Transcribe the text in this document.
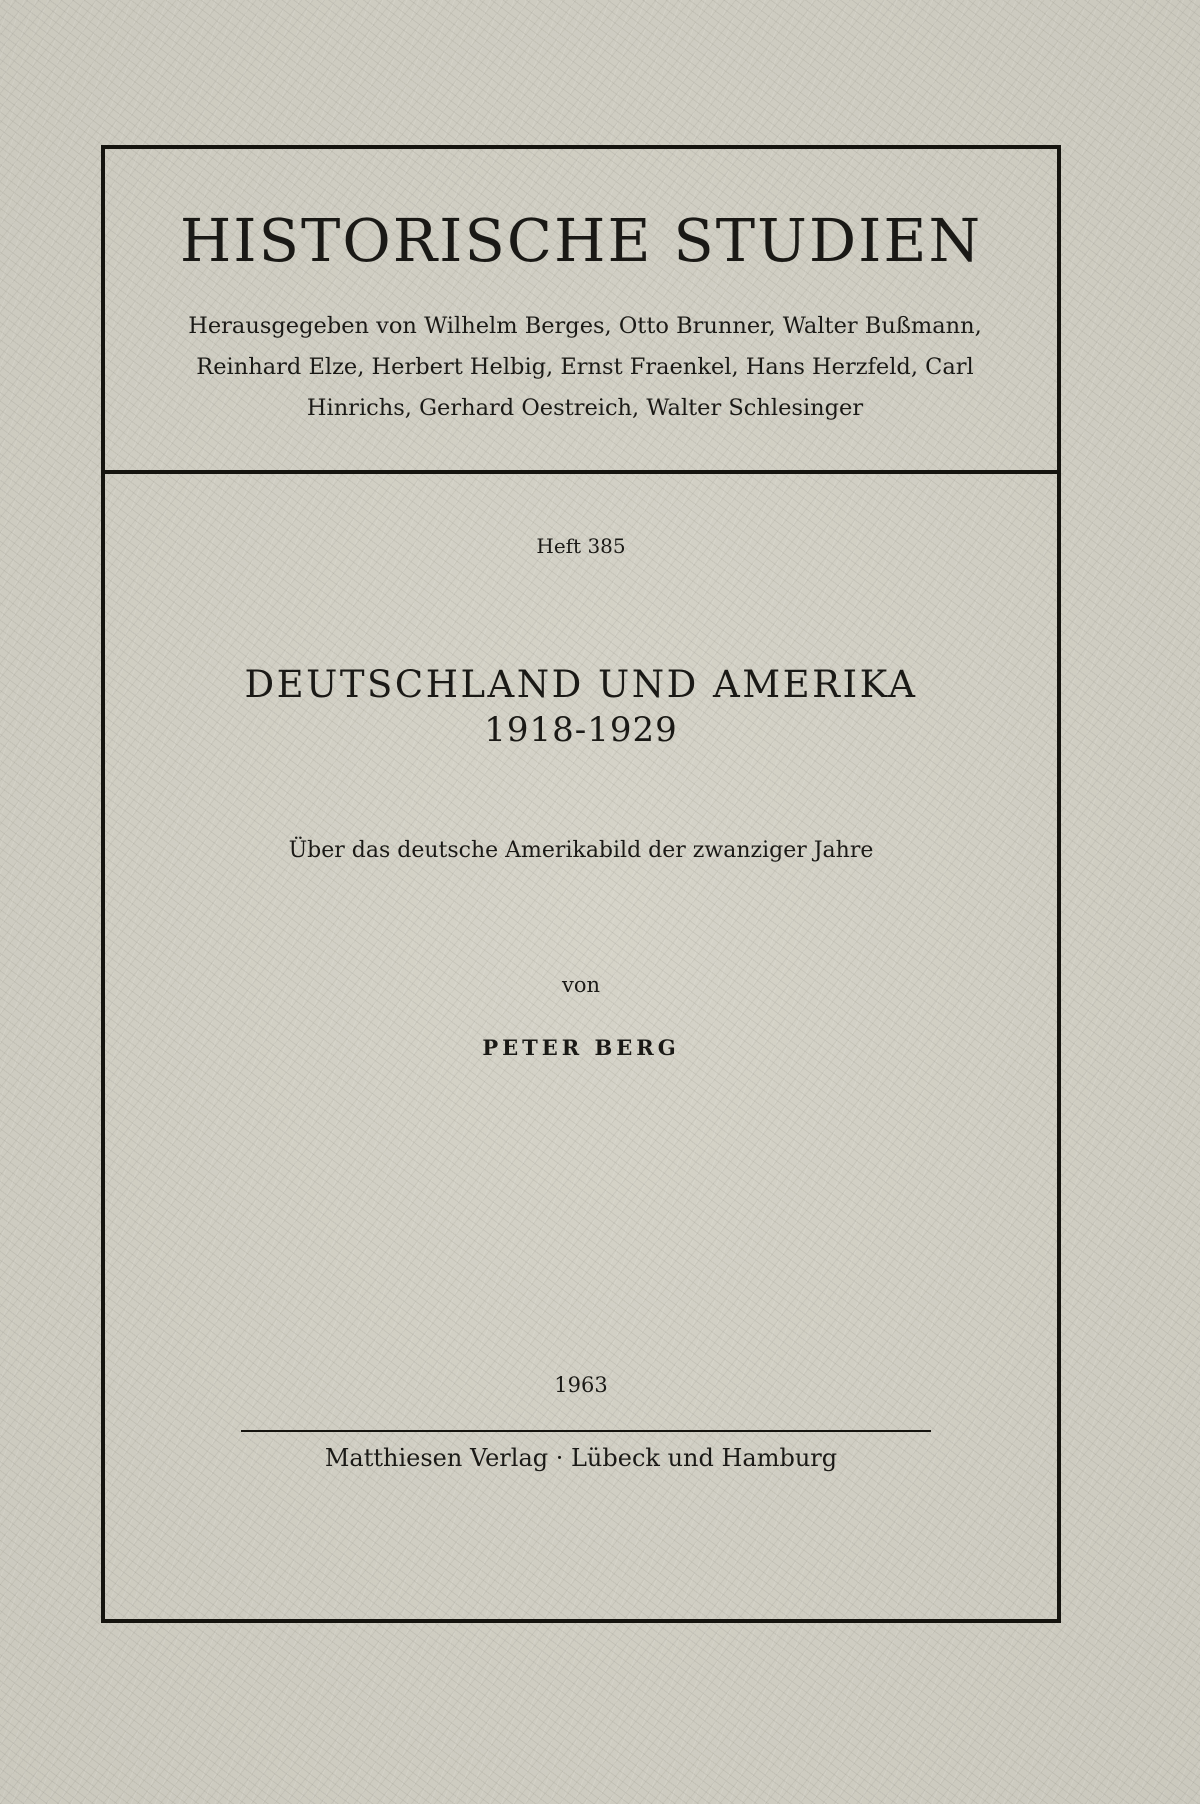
HISTORISCHE STUDIEN
Herausgegeben von Wilhelm Berges, Otto Brunner, Walter Bußmann,
Reinhard Elze, Herbert Helbig, Ernst Fraenkel, Hans Herzfeld, Carl
Hinrichs, Gerhard Oestreich, Walter Schlesinger
Heft 385
DEUTSCHLAND UND AMERIKA
1918-1929
Über das deutsche Amerikabild der zwanziger Jahre
von
PETER BERG
1963
Matthiesen Verlag · Lübeck und Hamburg
